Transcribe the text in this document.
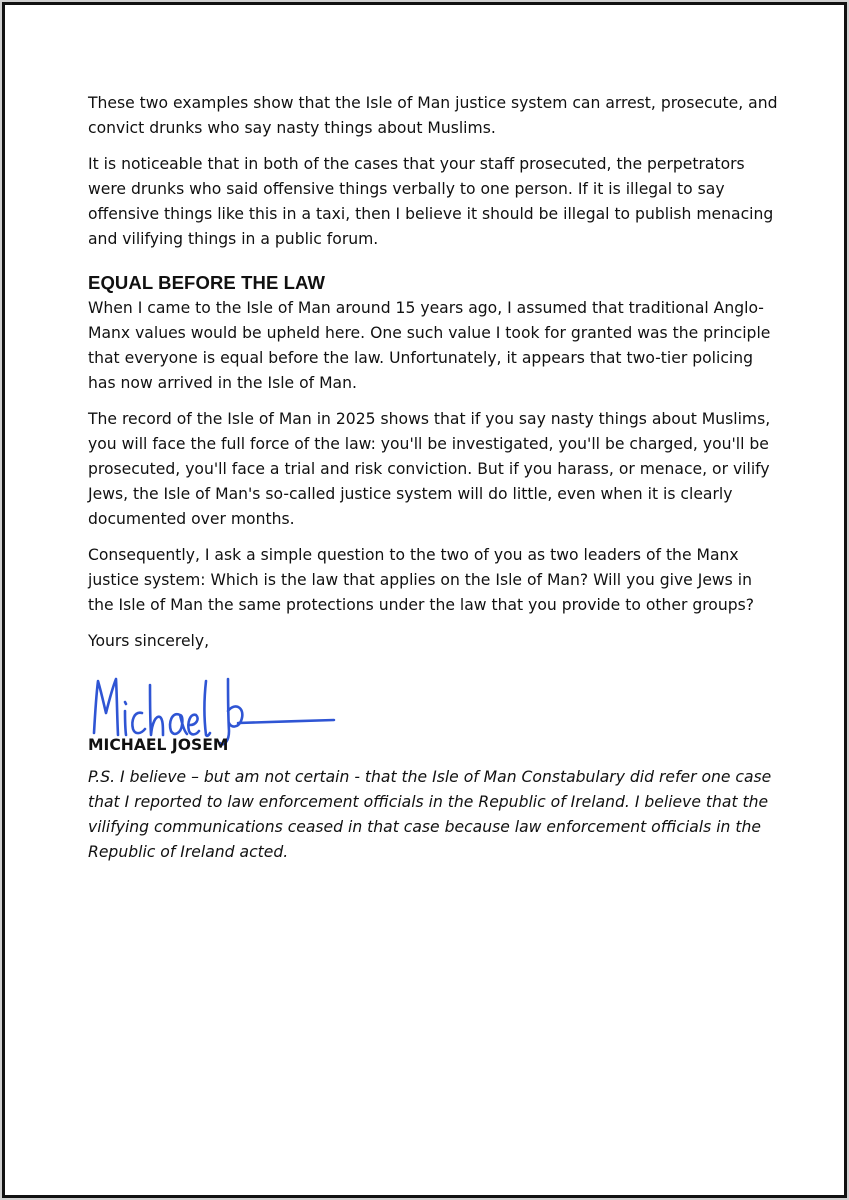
These two examples show that the Isle of Man justice system can arrest, prosecute, and convict drunks who say nasty things about Muslims.

It is noticeable that in both of the cases that your staff prosecuted, the perpetrators were drunks who said offensive things verbally to one person. If it is illegal to say offensive things like this in a taxi, then I believe it should be illegal to publish menacing and vilifying things in a public forum.

EQUAL BEFORE THE LAW

When I came to the Isle of Man around 15 years ago, I assumed that traditional Anglo-Manx values would be upheld here. One such value I took for granted was the principle that everyone is equal before the law. Unfortunately, it appears that two-tier policing has now arrived in the Isle of Man.

The record of the Isle of Man in 2025 shows that if you say nasty things about Muslims, you will face the full force of the law: you'll be investigated, you'll be charged, you'll be prosecuted, you'll face a trial and risk conviction. But if you harass, or menace, or vilify Jews, the Isle of Man's so-called justice system will do little, even when it is clearly documented over months.

Consequently, I ask a simple question to the two of you as two leaders of the Manx justice system: Which is the law that applies on the Isle of Man? Will you give Jews in the Isle of Man the same protections under the law that you provide to other groups?

Yours sincerely,

MICHAEL JOSEM

P.S. I believe – but am not certain - that the Isle of Man Constabulary did refer one case that I reported to law enforcement officials in the Republic of Ireland. I believe that the vilifying communications ceased in that case because law enforcement officials in the Republic of Ireland acted.
